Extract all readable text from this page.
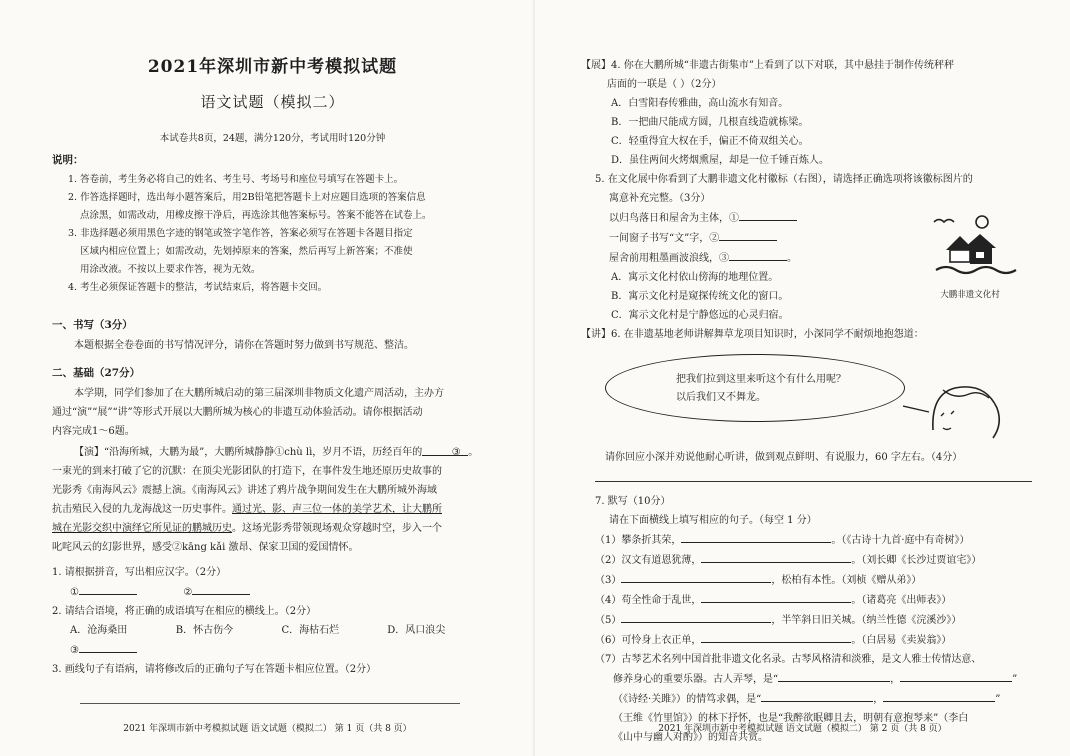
2021年深圳市新中考模拟试题
语文试题（模拟二）
本试卷共8页，24题，满分120分，考试用时120分钟
说明：

1. 答卷前，考生务必将自己的姓名、考生号、考场号和座位号填写在答题卡上。

2. 作答选择题时，选出每小题答案后，用2B铅笔把答题卡上对应题目选项的答案信息
点涂黑，如需改动，用橡皮擦干净后，再选涂其他答案标号。答案不能答在试卷上。

3. 非选择题必须用黑色字迹的钢笔或签字笔作答，答案必须写在答题卡各题目指定
区域内相应位置上；如需改动，先划掉原来的答案，然后再写上新答案；不准使
用涂改液。不按以上要求作答，视为无效。

4. 考生必须保证答题卡的整洁，考试结束后，将答题卡交回。

一、书写（3分）

本题根据全卷卷面的书写情况评分，请你在答题时努力做到书写规范、整洁。

二、基础（27分）

本学期，同学们参加了在大鹏所城启动的第三届深圳非物质文化遗产周活动，主办方

通过“演”“展”“讲”等形式开展以大鹏所城为核心的非遗互动体验活动。请你根据活动

内容完成1～6题。

【演】“沿海所城，大鹏为最”，大鹏所城静静①chù lì，岁月不语，历经百年的	③ 。

一束光的到来打破了它的沉默：在顶尖光影团队的打造下，在事件发生地还原历史故事的

光影秀《南海风云》震撼上演。《南海风云》讲述了鸦片战争期间发生在大鹏所城外海域

抗击殖民入侵的九龙海战这一历史事件。通过光、影、声三位一体的美学艺术，让大鹏所

城在光影交织中演绎它所见证的鹏城历史。这场光影秀带领现场观众穿越时空，步入一个

叱咤风云的幻影世界，感受②kāng kǎi 激昂、保家卫国的爱国情怀。

1. 请根据拼音，写出相应汉字。（2分）

①	②

2. 请结合语境，将正确的成语填写在相应的横线上。（2分）

A．沧海桑田	B．怀古伤今	C．海枯石烂	D．风口浪尖

③

3. 画线句子有语病，请将修改后的正确句子写在答题卡相应位置。（2分）

2021 年深圳市新中考模拟试题 语文试题（模拟二） 第 1 页（共 8 页）

【展】4. 你在大鹏所城“非遗古街集市”上看到了以下对联，其中悬挂于制作传统秤秤

店面的一联是（ ）（2分）

A．白雪阳春传雅曲，高山流水有知音。

B．一把曲尺能成方圆，几根直线造就栋梁。

C．轻重得宜大权在手，偏正不倚双组关心。

D．虽住两间火烤烟熏屋，却是一位千锤百炼人。

5. 在文化展中你看到了大鹏非遗文化村徽标（右图），请选择正确选项将该徽标图片的

寓意补充完整。（3分）

以归鸟落日和屋舍为主体，①

一间窗子书写“文”字，②

屋舍前用粗墨画波浪线，③	。

A．寓示文化村依山傍海的地理位置。

B．寓示文化村是窥探传统文化的窗口。

C．寓示文化村是宁静悠远的心灵归宿。

大鹏非遗文化村

【讲】6. 在非遗基地老师讲解舞草龙项目知识时，小深同学不耐烦地抱怨道：

把我们拉到这里来听这个有什么用呢？
以后我们又不舞龙。

请你回应小深并劝说他耐心听讲，做到观点鲜明、有说服力，60 字左右。（4分）

7. 默写（10分）

请在下面横线上填写相应的句子。（每空 1 分）

（1）攀条折其荣，	。（《古诗十九首·庭中有奇树》）

（2）汉文有道恩犹薄，	。（刘长卿《长沙过贾谊宅》）

（3）	，松柏有本性。（刘桢《赠从弟》）

（4）苟全性命于乱世，	。（诸葛亮《出师表》）

（5）	，半竿斜日旧关城。（纳兰性德《浣溪沙》）

（6）可怜身上衣正单，	。（白居易《卖炭翁》）

（7）古琴艺术名列中国首批非遗文化名录。古琴风格清和淡雅，是文人雅士传情达意、

修养身心的重要乐器。古人弄琴，是“	，	”

（《诗经·关雎》）的情笃求偶，是“	，	”

（王维《竹里馆》）的林下抒怀，也是“我醉欲眠卿且去，明朝有意抱琴来”（李白

《山中与幽人对酌》）的知音共赏。

2021 年深圳市新中考模拟试题 语文试题（模拟二） 第 2 页（共 8 页）
